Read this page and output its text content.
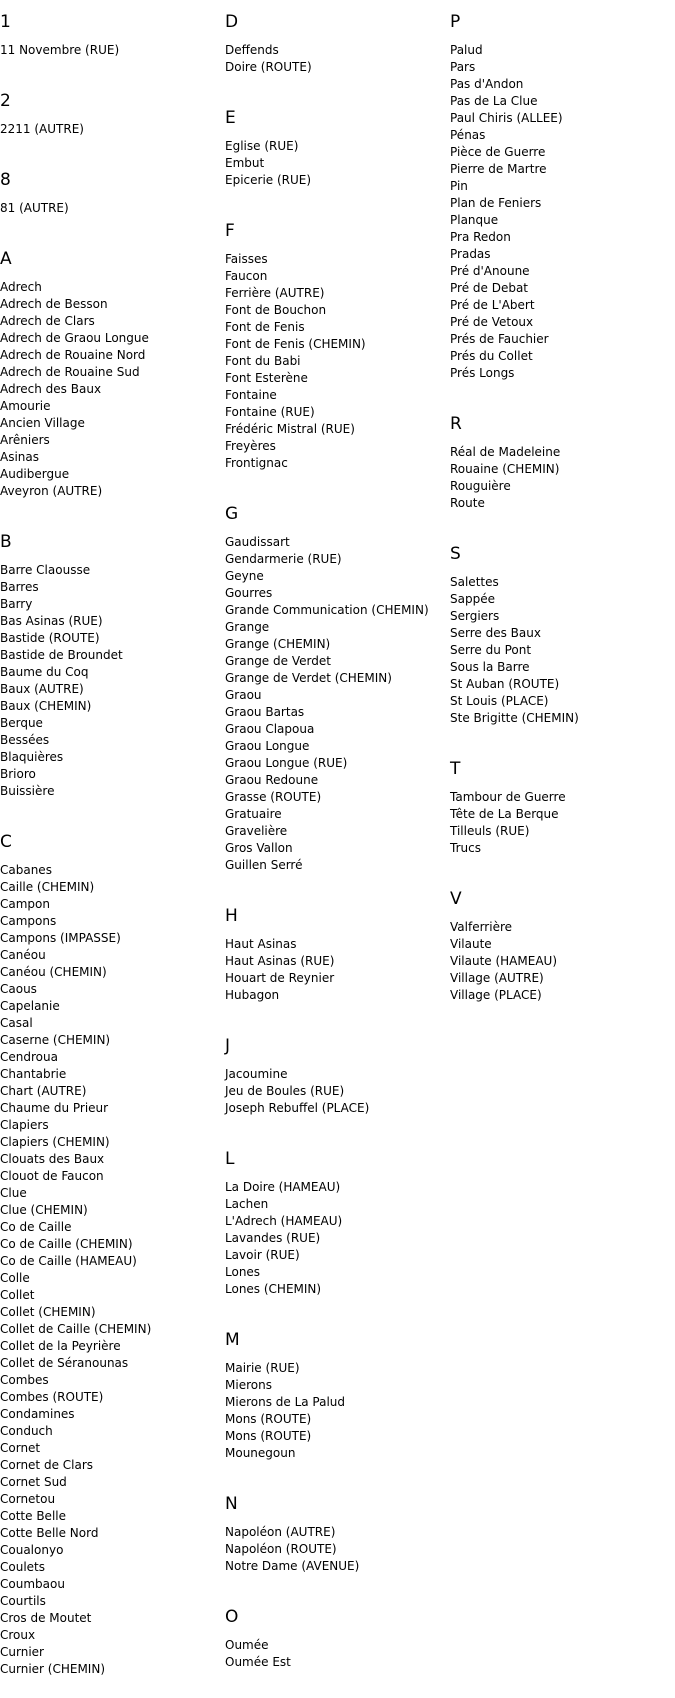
1
11 Novembre (RUE)
2
2211 (AUTRE)
8
81 (AUTRE)
A
Adrech
Adrech de Besson
Adrech de Clars
Adrech de Graou Longue
Adrech de Rouaine Nord
Adrech de Rouaine Sud
Adrech des Baux
Amourie
Ancien Village
Arêniers
Asinas
Audibergue
Aveyron (AUTRE)
B
Barre Claousse
Barres
Barry
Bas Asinas (RUE)
Bastide (ROUTE)
Bastide de Broundet
Baume du Coq
Baux (AUTRE)
Baux (CHEMIN)
Berque
Bessées
Blaquières
Brioro
Buissière
C
Cabanes
Caille (CHEMIN)
Campon
Campons
Campons (IMPASSE)
Canéou
Canéou (CHEMIN)
Caous
Capelanie
Casal
Caserne (CHEMIN)
Cendroua
Chantabrie
Chart (AUTRE)
Chaume du Prieur
Clapiers
Clapiers (CHEMIN)
Clouats des Baux
Clouot de Faucon
Clue
Clue (CHEMIN)
Co de Caille
Co de Caille (CHEMIN)
Co de Caille (HAMEAU)
Colle
Collet
Collet (CHEMIN)
Collet de Caille (CHEMIN)
Collet de la Peyrière
Collet de Séranounas
Combes
Combes (ROUTE)
Condamines
Conduch
Cornet
Cornet de Clars
Cornet Sud
Cornetou
Cotte Belle
Cotte Belle Nord
Coualonyo
Coulets
Coumbaou
Courtils
Cros de Moutet
Croux
Curnier
Curnier (CHEMIN)
D
Deffends
Doire (ROUTE)
E
Eglise (RUE)
Embut
Epicerie (RUE)
F
Faisses
Faucon
Ferrière (AUTRE)
Font de Bouchon
Font de Fenis
Font de Fenis (CHEMIN)
Font du Babi
Font Esterène
Fontaine
Fontaine (RUE)
Frédéric Mistral (RUE)
Freyères
Frontignac
G
Gaudissart
Gendarmerie (RUE)
Geyne
Gourres
Grande Communication (CHEMIN)
Grange
Grange (CHEMIN)
Grange de Verdet
Grange de Verdet (CHEMIN)
Graou
Graou Bartas
Graou Clapoua
Graou Longue
Graou Longue (RUE)
Graou Redoune
Grasse (ROUTE)
Gratuaire
Gravelière
Gros Vallon
Guillen Serré
H
Haut Asinas
Haut Asinas (RUE)
Houart de Reynier
Hubagon
J
Jacoumine
Jeu de Boules (RUE)
Joseph Rebuffel (PLACE)
L
La Doire (HAMEAU)
Lachen
L'Adrech (HAMEAU)
Lavandes (RUE)
Lavoir (RUE)
Lones
Lones (CHEMIN)
M
Mairie (RUE)
Mierons
Mierons de La Palud
Mons (ROUTE)
Mons (ROUTE)
Mounegoun
N
Napoléon (AUTRE)
Napoléon (ROUTE)
Notre Dame (AVENUE)
O
Oumée
Oumée Est
P
Palud
Pars
Pas d'Andon
Pas de La Clue
Paul Chiris (ALLEE)
Pénas
Pièce de Guerre
Pierre de Martre
Pin
Plan de Feniers
Planque
Pra Redon
Pradas
Pré d'Anoune
Pré de Debat
Pré de L'Abert
Pré de Vetoux
Prés de Fauchier
Prés du Collet
Prés Longs
R
Réal de Madeleine
Rouaine (CHEMIN)
Rouguière
Route
S
Salettes
Sappée
Sergiers
Serre des Baux
Serre du Pont
Sous la Barre
St Auban (ROUTE)
St Louis (PLACE)
Ste Brigitte (CHEMIN)
T
Tambour de Guerre
Tête de La Berque
Tilleuls (RUE)
Trucs
V
Valferrière
Vilaute
Vilaute (HAMEAU)
Village (AUTRE)
Village (PLACE)
